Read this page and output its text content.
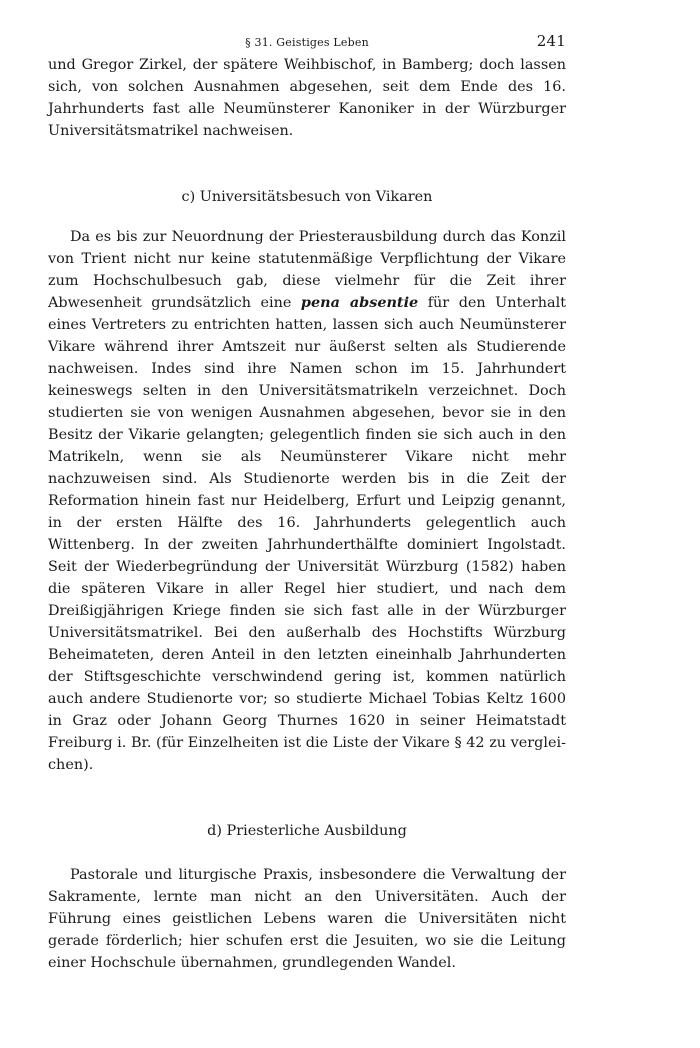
§ 31. Geistiges Leben	241

und Gregor Zirkel, der spätere Weihbischof, in Bamberg; doch lassen sich, von solchen Ausnahmen abgesehen, seit dem Ende des 16. Jahrhunderts fast alle Neumünsterer Kanoniker in der Würzburger Universitätsmatrikel nachweisen.

c) Universitätsbesuch von Vikaren

Da es bis zur Neuordnung der Priesterausbildung durch das Konzil von Trient nicht nur keine statutenmäßige Verpflichtung der Vikare zum Hochschulbesuch gab, diese vielmehr für die Zeit ihrer Abwesenheit grundsätzlich eine pena absentie für den Unterhalt eines Vertreters zu entrichten hatten, lassen sich auch Neumünsterer Vikare während ihrer Amtszeit nur äußerst selten als Studierende nachweisen. Indes sind ihre Namen schon im 15. Jahrhundert keineswegs selten in den Universitätsmatrikeln verzeichnet. Doch studierten sie von wenigen Ausnahmen abgesehen, bevor sie in den Besitz der Vikarie gelangten; gelegentlich finden sie sich auch in den Matrikeln, wenn sie als Neumünsterer Vikare nicht mehr nachzuweisen sind. Als Studienorte werden bis in die Zeit der Reformation hinein fast nur Heidelberg, Erfurt und Leipzig genannt, in der ersten Hälfte des 16. Jahrhunderts gelegentlich auch Wittenberg. In der zweiten Jahrhunderthälfte dominiert Ingolstadt. Seit der Wiederbegründung der Universität Würzburg (1582) haben die späteren Vikare in aller Regel hier studiert, und nach dem Dreißigjährigen Kriege finden sie sich fast alle in der Würzburger Universitätsmatrikel. Bei den außerhalb des Hochstifts Würzburg Beheimateten, deren Anteil in den letzten eineinhalb Jahrhunderten der Stiftsgeschichte verschwindend gering ist, kommen natürlich auch andere Studienorte vor; so studierte Michael Tobias Keltz 1600 in Graz oder Johann Georg Thurnes 1620 in seiner Heimatstadt Freiburg i. Br. (für Einzelheiten ist die Liste der Vikare § 42 zu vergleichen).

d) Priesterliche Ausbildung

Pastorale und liturgische Praxis, insbesondere die Verwaltung der Sakramente, lernte man nicht an den Universitäten. Auch der Führung eines geistlichen Lebens waren die Universitäten nicht gerade förderlich; hier schufen erst die Jesuiten, wo sie die Leitung einer Hochschule übernahmen, grundlegenden Wandel.
